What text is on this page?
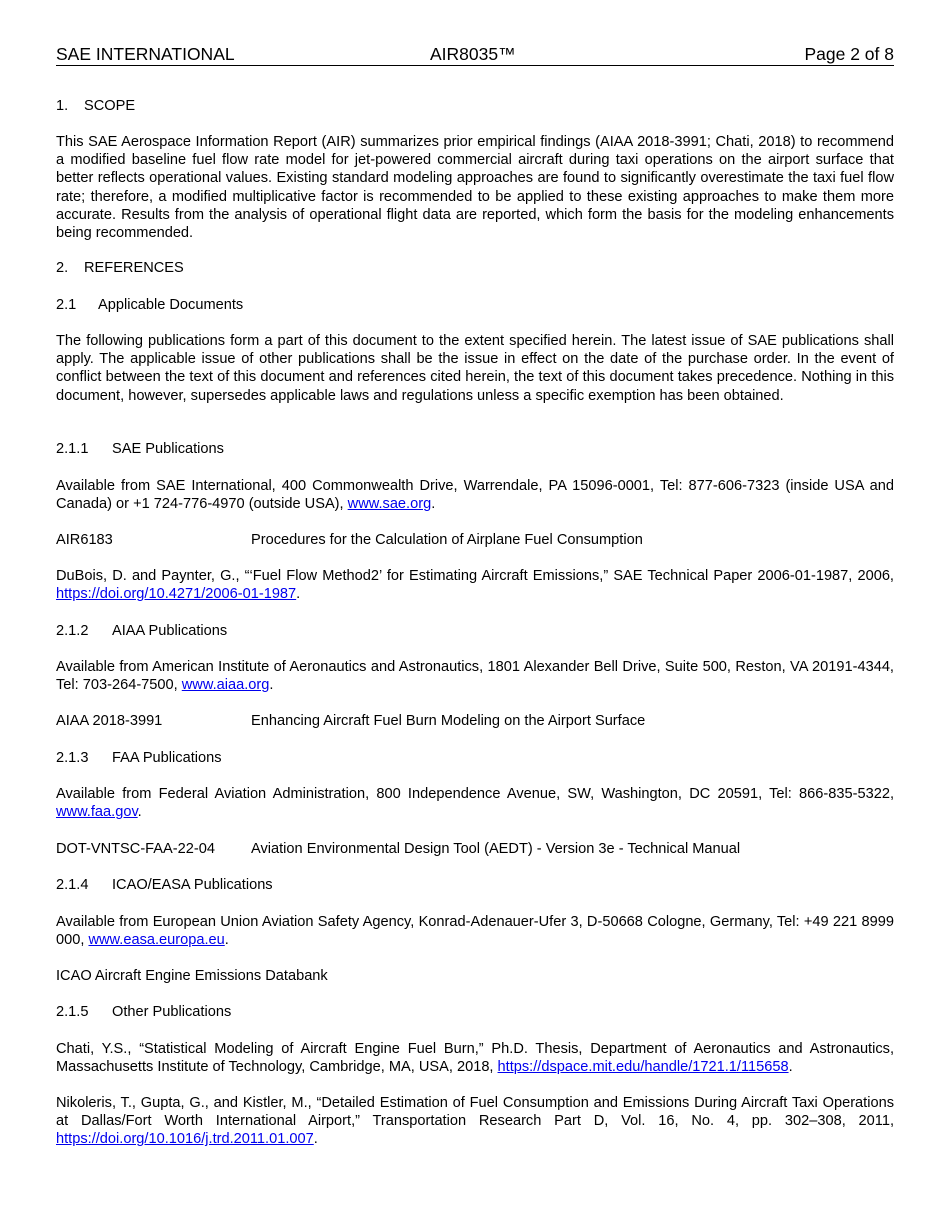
SAE INTERNATIONAL	AIR8035™	Page 2 of 8
1. SCOPE
This SAE Aerospace Information Report (AIR) summarizes prior empirical findings (AIAA 2018-3991; Chati, 2018) to recommend a modified baseline fuel flow rate model for jet-powered commercial aircraft during taxi operations on the airport surface that better reflects operational values. Existing standard modeling approaches are found to significantly overestimate the taxi fuel flow rate; therefore, a modified multiplicative factor is recommended to be applied to these existing approaches to make them more accurate. Results from the analysis of operational flight data are reported, which form the basis for the modeling enhancements being recommended.
2. REFERENCES
2.1 Applicable Documents
The following publications form a part of this document to the extent specified herein. The latest issue of SAE publications shall apply. The applicable issue of other publications shall be the issue in effect on the date of the purchase order. In the event of conflict between the text of this document and references cited herein, the text of this document takes precedence. Nothing in this document, however, supersedes applicable laws and regulations unless a specific exemption has been obtained.
2.1.1 SAE Publications
Available from SAE International, 400 Commonwealth Drive, Warrendale, PA 15096-0001, Tel: 877-606-7323 (inside USA and Canada) or +1 724-776-4970 (outside USA), www.sae.org.
AIR6183	Procedures for the Calculation of Airplane Fuel Consumption
DuBois, D. and Paynter, G., “‘Fuel Flow Method2’ for Estimating Aircraft Emissions,” SAE Technical Paper 2006-01-1987, 2006, https://doi.org/10.4271/2006-01-1987.
2.1.2 AIAA Publications
Available from American Institute of Aeronautics and Astronautics, 1801 Alexander Bell Drive, Suite 500, Reston, VA 20191-4344, Tel: 703-264-7500, www.aiaa.org.
AIAA 2018-3991	Enhancing Aircraft Fuel Burn Modeling on the Airport Surface
2.1.3 FAA Publications
Available from Federal Aviation Administration, 800 Independence Avenue, SW, Washington, DC 20591, Tel: 866-835-5322, www.faa.gov.
DOT-VNTSC-FAA-22-04 Aviation Environmental Design Tool (AEDT) - Version 3e - Technical Manual
2.1.4 ICAO/EASA Publications
Available from European Union Aviation Safety Agency, Konrad-Adenauer-Ufer 3, D-50668 Cologne, Germany, Tel: +49 221 8999 000, www.easa.europa.eu.
ICAO Aircraft Engine Emissions Databank
2.1.5 Other Publications
Chati, Y.S., “Statistical Modeling of Aircraft Engine Fuel Burn,” Ph.D. Thesis, Department of Aeronautics and Astronautics, Massachusetts Institute of Technology, Cambridge, MA, USA, 2018, https://dspace.mit.edu/handle/1721.1/115658.
Nikoleris, T., Gupta, G., and Kistler, M., “Detailed Estimation of Fuel Consumption and Emissions During Aircraft Taxi Operations at Dallas/Fort Worth International Airport,” Transportation Research Part D, Vol. 16, No. 4, pp. 302–308, 2011, https://doi.org/10.1016/j.trd.2011.01.007.
